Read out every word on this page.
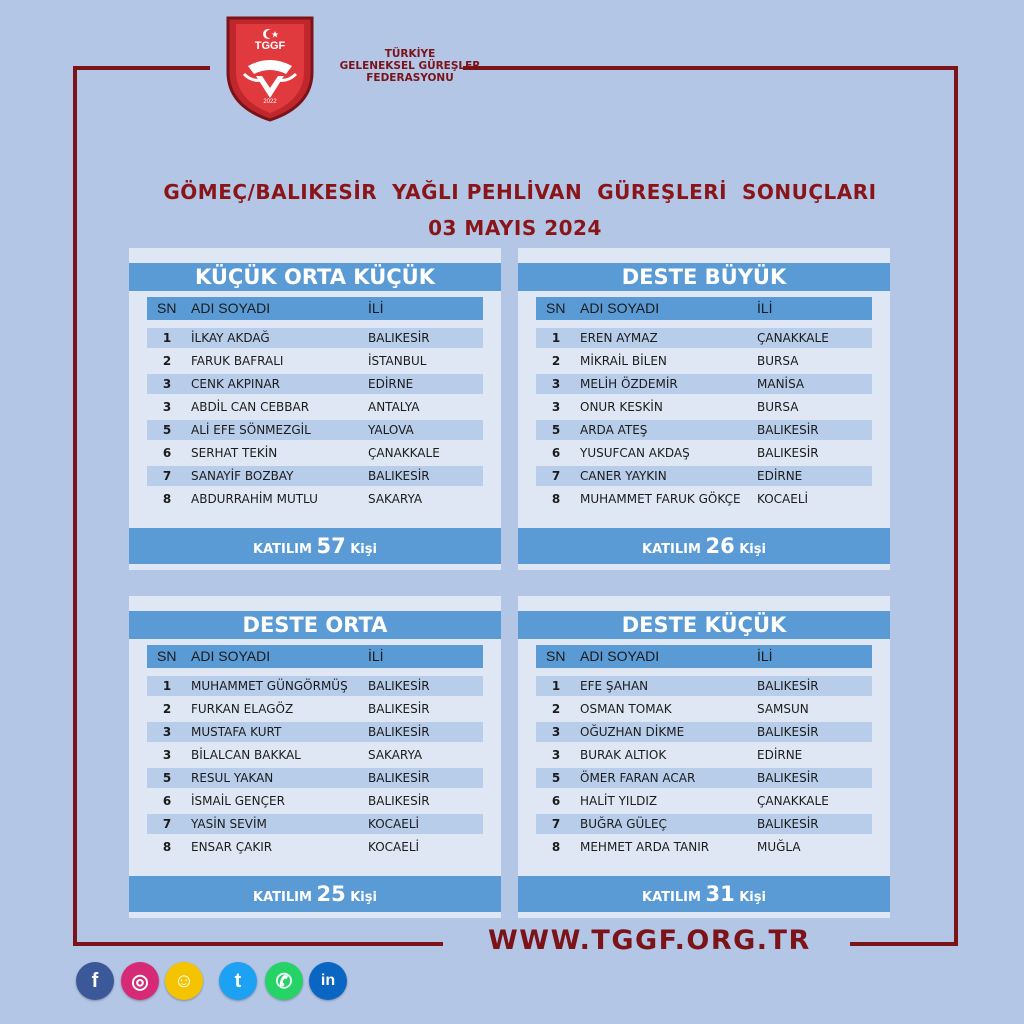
TGGF
2022
TÜRKİYE
GELENEKSEL GÜREŞLER
FEDERASYONU
GÖMEÇ/BALIKESİR  YAĞLI PEHLİVAN  GÜREŞLERİ  SONUÇLARI
03 MAYIS 2024
KÜÇÜK ORTA KÜÇÜK
SN ADI SOYADI	İLİ
1	İLKAY AKDAĞ	BALIKESİR
2	FARUK BAFRALI	İSTANBUL
3	CENK AKPINAR	EDİRNE
3	ABDİL CAN CEBBAR	ANTALYA
5	ALİ EFE SÖNMEZGİL	YALOVA
6	SERHAT TEKİN	ÇANAKKALE
7	SANAYİF BOZBAY	BALIKESİR
8	ABDURRAHİM MUTLU	SAKARYA
KATILIM 57 Kişi
DESTE BÜYÜK
SN ADI SOYADI	İLİ
1	EREN AYMAZ	ÇANAKKALE
2	MİKRAİL BİLEN	BURSA
3	MELİH ÖZDEMİR	MANİSA
3	ONUR KESKİN	BURSA
5	ARDA ATEŞ	BALIKESİR
6	YUSUFCAN AKDAŞ	BALIKESİR
7	CANER YAYKIN	EDİRNE
8	MUHAMMET FARUK GÖKÇE KOCAELİ
KATILIM 26 Kişi
DESTE ORTA
SN ADI SOYADI	İLİ
1	MUHAMMET GÜNGÖRMÜŞ BALIKESİR
2	FURKAN ELAGÖZ	BALIKESİR
3	MUSTAFA KURT	BALIKESİR
3	BİLALCAN BAKKAL	SAKARYA
5	RESUL YAKAN	BALIKESİR
6	İSMAİL GENÇER	BALIKESİR
7	YASİN SEVİM	KOCAELİ
8	ENSAR ÇAKIR	KOCAELİ
KATILIM 25 Kişi
DESTE KÜÇÜK
SN ADI SOYADI	İLİ
1	EFE ŞAHAN	BALIKESİR
2	OSMAN TOMAK	SAMSUN
3	OĞUZHAN DİKME	BALIKESİR
3	BURAK ALTIOK	EDİRNE
5	ÖMER FARAN ACAR	BALIKESİR
6	HALİT YILDIZ	ÇANAKKALE
7	BUĞRA GÜLEÇ	BALIKESİR
8	MEHMET ARDA TANIR	MUĞLA
KATILIM 31 Kişi
WWW.TGGF.ORG.TR
f	◎	☺	t	✆	in
